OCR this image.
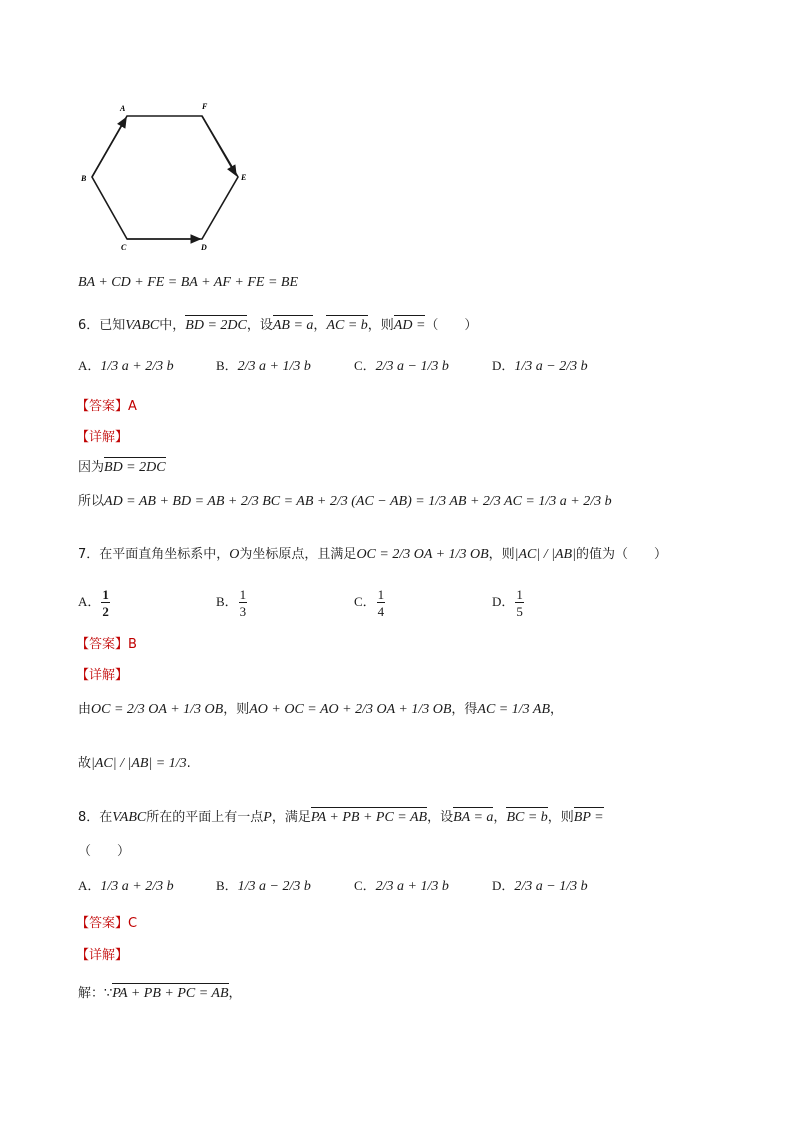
A	F
B	E
C	D
BA + CD + FE = BA + AF + FE = BE
6．已知VABC中，BD = 2DC，设AB = a，AC = b，则AD =（　　）
A．1/3 a + 2/3 b	B．2/3 a + 1/3 b	C．2/3 a − 1/3 b	D．1/3 a − 2/3 b
【答案】A
【详解】
因为BD = 2DC
所以AD = AB + BD = AB + 2/3 BC = AB + 2/3 (AC − AB) = 1/3 AB + 2/3 AC = 1/3 a + 2/3 b
7．在平面直角坐标系中，O为坐标原点，且满足OC = 2/3 OA + 1/3 OB，则|AC| / |AB|的值为（　　）
A． $\frac{1}{2}$	B． $\frac{1}{3}$	C． $\frac{1}{4}$	D． $\frac{1}{5}$
【答案】B
【详解】
由OC = 2/3 OA + 1/3 OB，则AO + OC = AO + 2/3 OA + 1/3 OB，得AC = 1/3 AB，
故|AC| / |AB| = 1/3.
8．在VABC所在的平面上有一点P，满足PA + PB + PC = AB，设BA = a，BC = b，则BP =
（　　）
A．1/3 a + 2/3 b	B．1/3 a − 2/3 b	C．2/3 a + 1/3 b	D．2/3 a − 1/3 b
【答案】C
【详解】
解：∵PA + PB + PC = AB，
